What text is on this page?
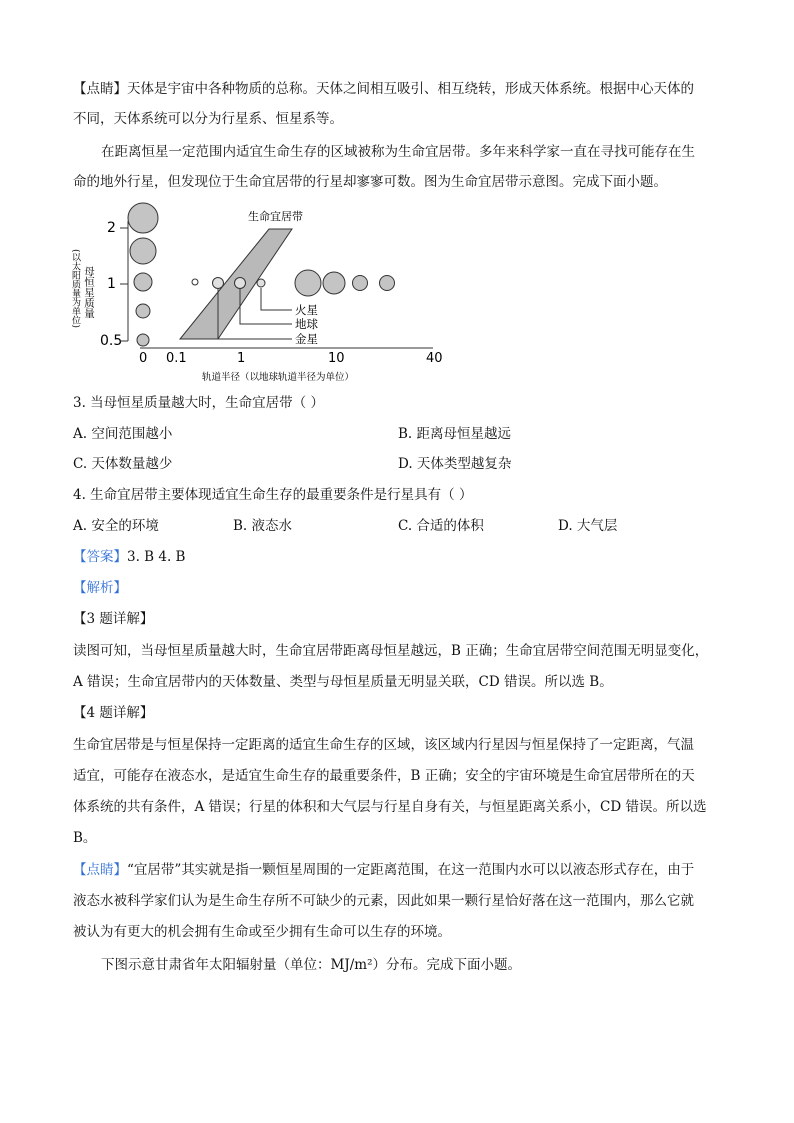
【点睛】天体是宇宙中各种物质的总称。天体之间相互吸引、相互绕转，形成天体系统。根据中心天体的
不同，天体系统可以分为行星系、恒星系等。
在距离恒星一定范围内适宜生命生存的区域被称为生命宜居带。多年来科学家一直在寻找可能存在生
命的地外行星，但发现位于生命宜居带的行星却寥寥可数。图为生命宜居带示意图。完成下面小题。
(以太阳质量为单位) 母恒星质量
2
1
0.5
0 0.1	1	10	40
轨道半径（以地球轨道半径为单位）
生命宜居带
火星
地球
金星
3. 当母恒星质量越大时，生命宜居带（ ）
A. 空间范围越小	B. 距离母恒星越远
C. 天体数量越少	D. 天体类型越复杂
4. 生命宜居带主要体现适宜生命生存的最重要条件是行星具有（ ）
A. 安全的环境	B. 液态水	C. 合适的体积	D. 大气层
【答案】3. B 4. B
【解析】
【3 题详解】
读图可知，当母恒星质量越大时，生命宜居带距离母恒星越远，B 正确；生命宜居带空间范围无明显变化，
A 错误；生命宜居带内的天体数量、类型与母恒星质量无明显关联，CD 错误。所以选 B。
【4 题详解】
生命宜居带是与恒星保持一定距离的适宜生命生存的区域，该区域内行星因与恒星保持了一定距离，气温
适宜，可能存在液态水，是适宜生命生存的最重要条件，B 正确；安全的宇宙环境是生命宜居带所在的天
体系统的共有条件，A 错误；行星的体积和大气层与行星自身有关，与恒星距离关系小，CD 错误。所以选
B。
【点睛】“宜居带”其实就是指一颗恒星周围的一定距离范围，在这一范围内水可以以液态形式存在，由于
液态水被科学家们认为是生命生存所不可缺少的元素，因此如果一颗行星恰好落在这一范围内，那么它就
被认为有更大的机会拥有生命或至少拥有生命可以生存的环境。
下图示意甘肃省年太阳辐射量（单位：MJ/m²）分布。完成下面小题。
